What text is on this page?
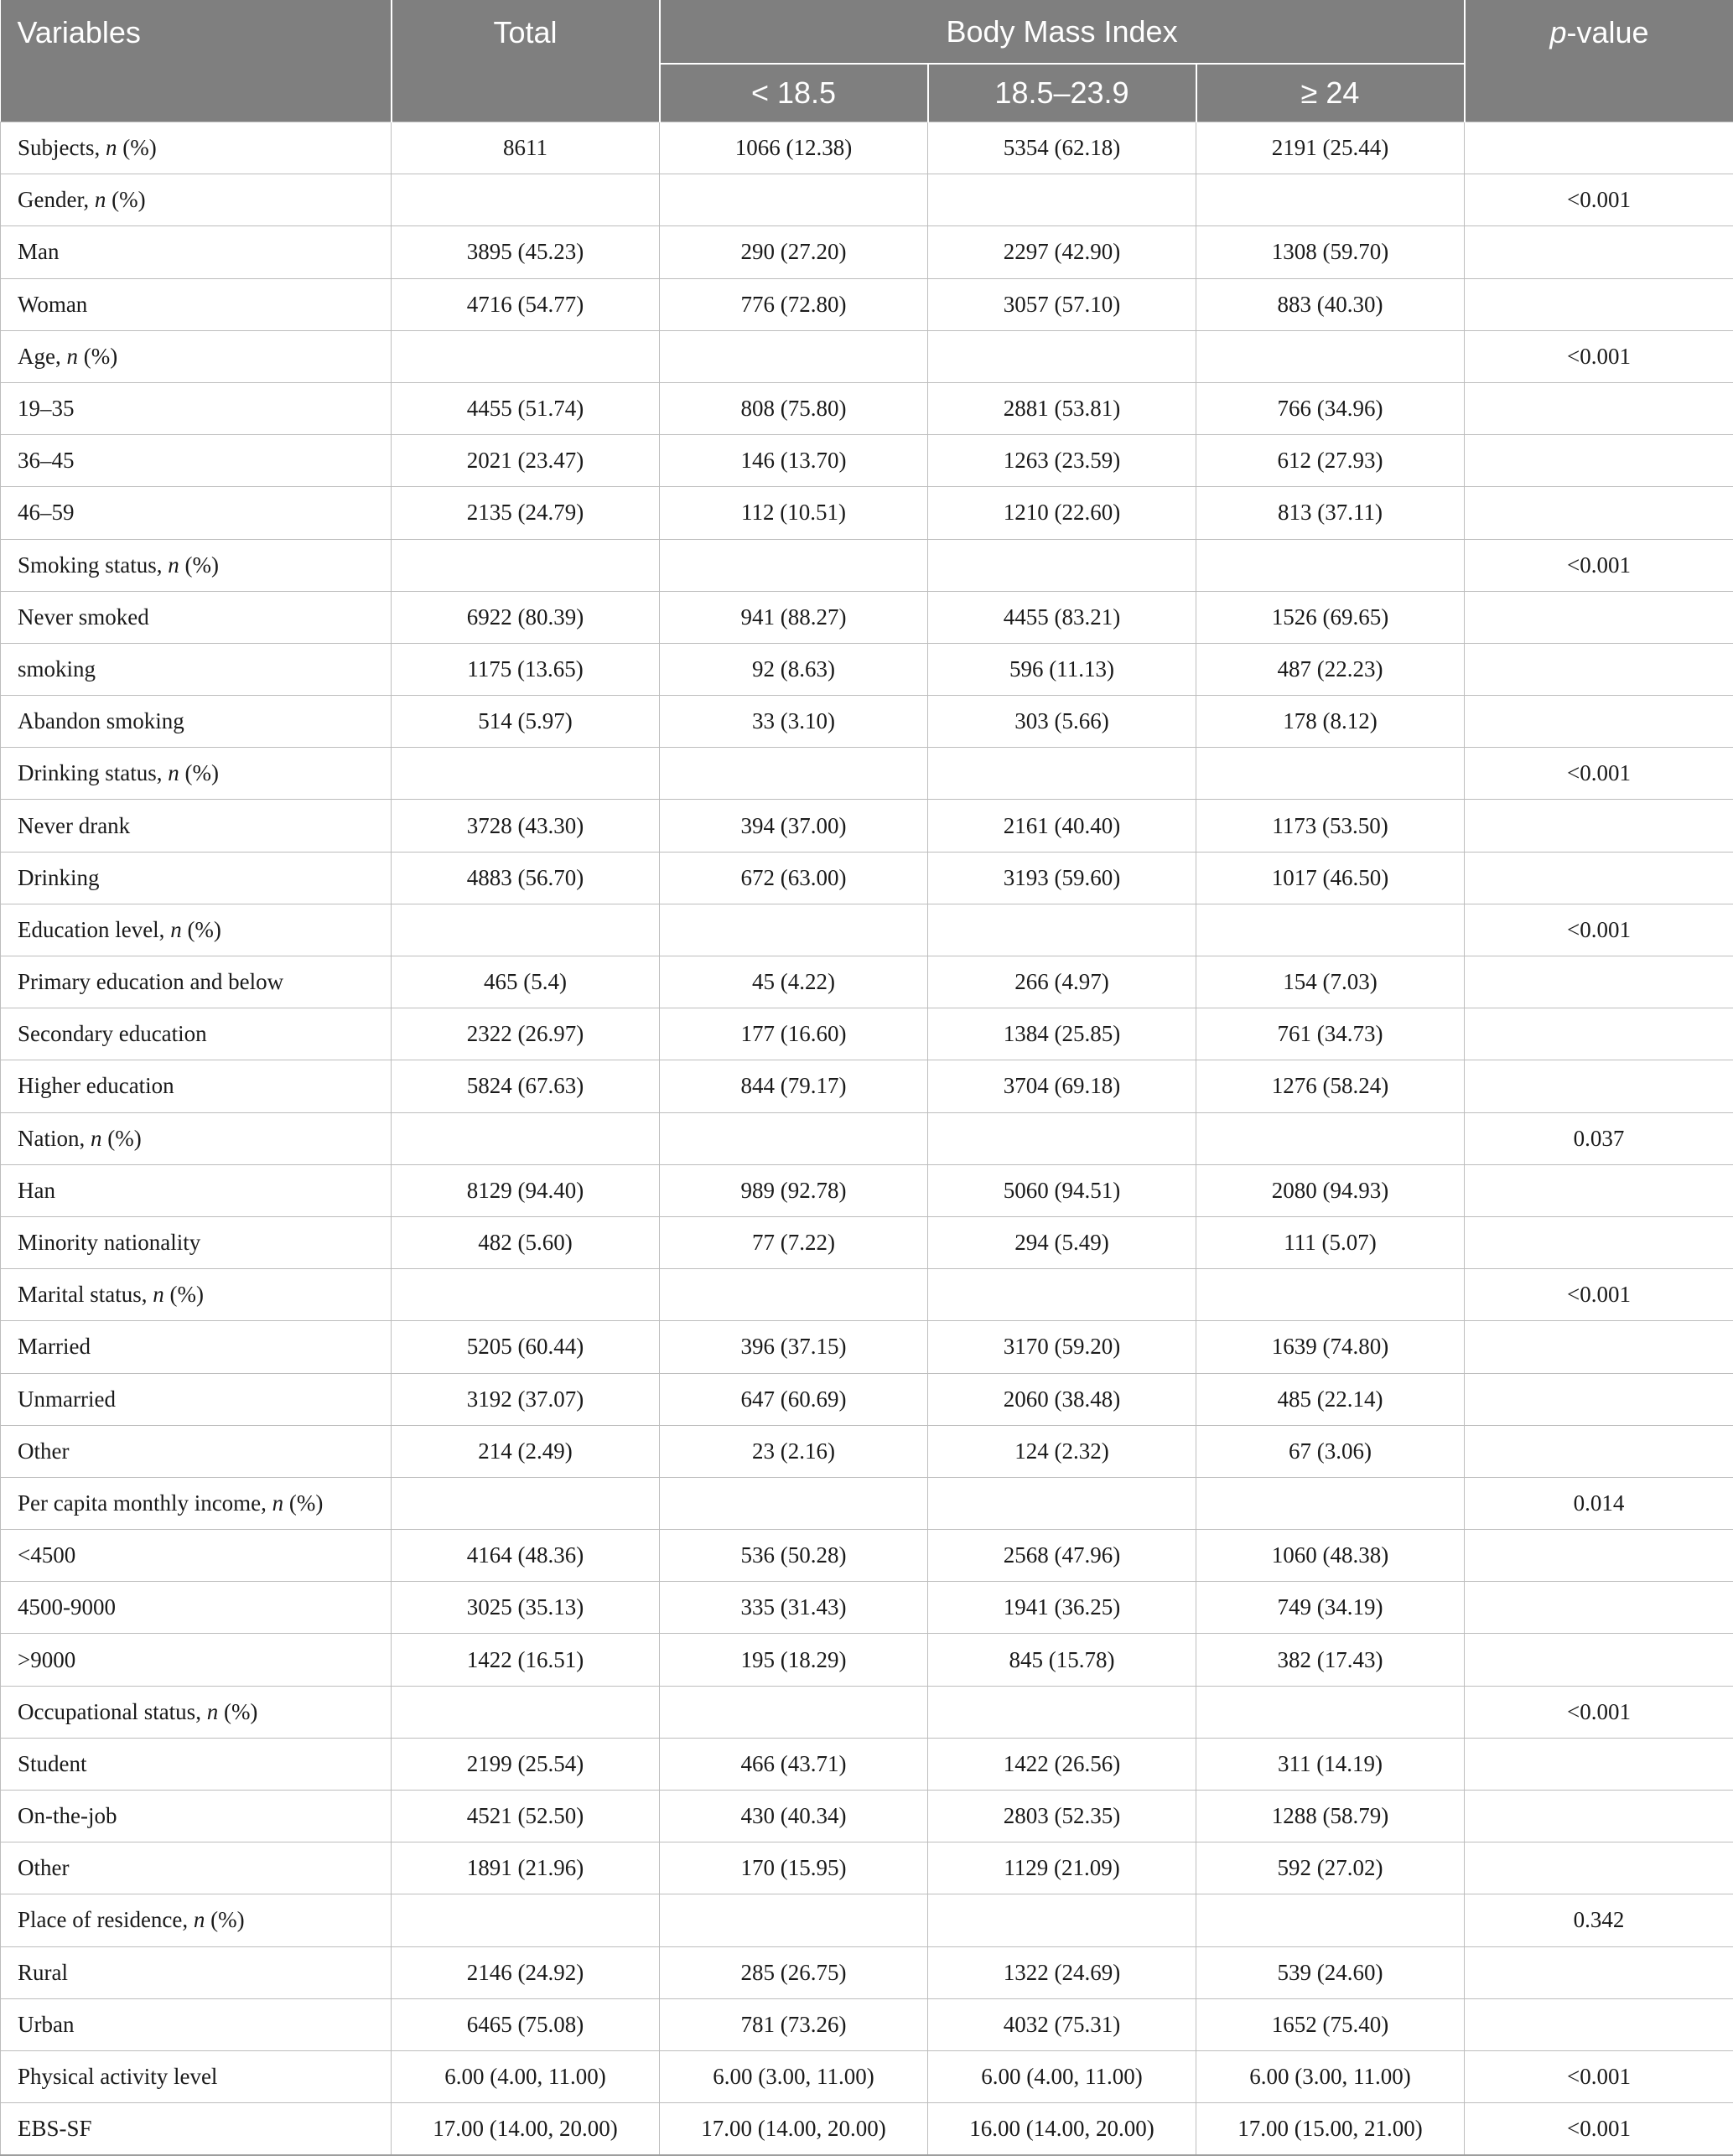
Variables	Total	Body Mass Index			p-value
		< 18.5	18.5–23.9	≥ 24	
Subjects, n (%)	8611	1066 (12.38)	5354 (62.18)	2191 (25.44)	
Gender, n (%)					<0.001
Man	3895 (45.23)	290 (27.20)	2297 (42.90)	1308 (59.70)	
Woman	4716 (54.77)	776 (72.80)	3057 (57.10)	883 (40.30)	
Age, n (%)					<0.001
19–35	4455 (51.74)	808 (75.80)	2881 (53.81)	766 (34.96)	
36–45	2021 (23.47)	146 (13.70)	1263 (23.59)	612 (27.93)	
46–59	2135 (24.79)	112 (10.51)	1210 (22.60)	813 (37.11)	
Smoking status, n (%)					<0.001
Never smoked	6922 (80.39)	941 (88.27)	4455 (83.21)	1526 (69.65)	
smoking	1175 (13.65)	92 (8.63)	596 (11.13)	487 (22.23)	
Abandon smoking	514 (5.97)	33 (3.10)	303 (5.66)	178 (8.12)	
Drinking status, n (%)					<0.001
Never drank	3728 (43.30)	394 (37.00)	2161 (40.40)	1173 (53.50)	
Drinking	4883 (56.70)	672 (63.00)	3193 (59.60)	1017 (46.50)	
Education level, n (%)					<0.001
Primary education and below	465 (5.4)	45 (4.22)	266 (4.97)	154 (7.03)	
Secondary education	2322 (26.97)	177 (16.60)	1384 (25.85)	761 (34.73)	
Higher education	5824 (67.63)	844 (79.17)	3704 (69.18)	1276 (58.24)	
Nation, n (%)					0.037
Han	8129 (94.40)	989 (92.78)	5060 (94.51)	2080 (94.93)	
Minority nationality	482 (5.60)	77 (7.22)	294 (5.49)	111 (5.07)	
Marital status, n (%)					<0.001
Married	5205 (60.44)	396 (37.15)	3170 (59.20)	1639 (74.80)	
Unmarried	3192 (37.07)	647 (60.69)	2060 (38.48)	485 (22.14)	
Other	214 (2.49)	23 (2.16)	124 (2.32)	67 (3.06)	
Per capita monthly income, n (%)					0.014
<4500	4164 (48.36)	536 (50.28)	2568 (47.96)	1060 (48.38)	
4500-9000	3025 (35.13)	335 (31.43)	1941 (36.25)	749 (34.19)	
>9000	1422 (16.51)	195 (18.29)	845 (15.78)	382 (17.43)	
Occupational status, n (%)					<0.001
Student	2199 (25.54)	466 (43.71)	1422 (26.56)	311 (14.19)	
On-the-job	4521 (52.50)	430 (40.34)	2803 (52.35)	1288 (58.79)	
Other	1891 (21.96)	170 (15.95)	1129 (21.09)	592 (27.02)	
Place of residence, n (%)					0.342
Rural	2146 (24.92)	285 (26.75)	1322 (24.69)	539 (24.60)	
Urban	6465 (75.08)	781 (73.26)	4032 (75.31)	1652 (75.40)	
Physical activity level	6.00 (4.00, 11.00)	6.00 (3.00, 11.00)	6.00 (4.00, 11.00)	6.00 (3.00, 11.00)	<0.001
EBS-SF	17.00 (14.00, 20.00)	17.00 (14.00, 20.00)	16.00 (14.00, 20.00)	17.00 (15.00, 21.00)	<0.001
